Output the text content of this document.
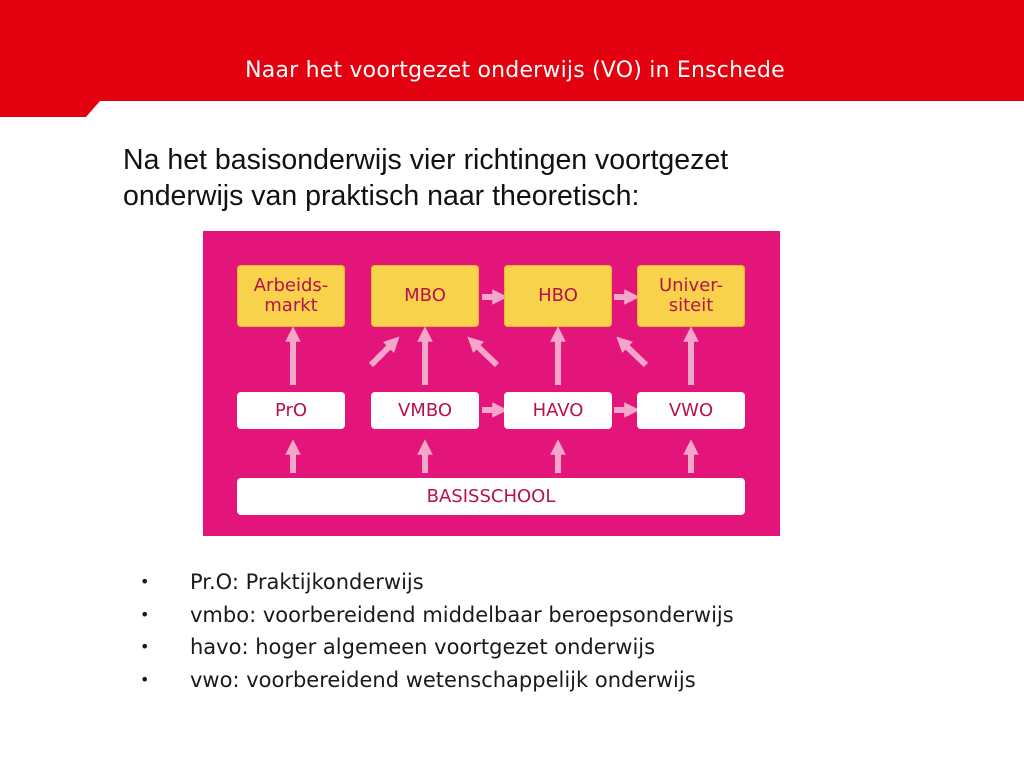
Naar het voortgezet onderwijs (VO) in Enschede
Na het basisonderwijs vier richtingen voortgezet
onderwijs van praktisch naar theoretisch:
Arbeids-
markt	MBO	HBO	Univer-
siteit
PrO	VMBO	HAVO	VWO
BASISSCHOOL
• Pr.O: Praktijkonderwijs
• vmbo: voorbereidend middelbaar beroepsonderwijs
• havo: hoger algemeen voortgezet onderwijs
• vwo: voorbereidend wetenschappelijk onderwijs
